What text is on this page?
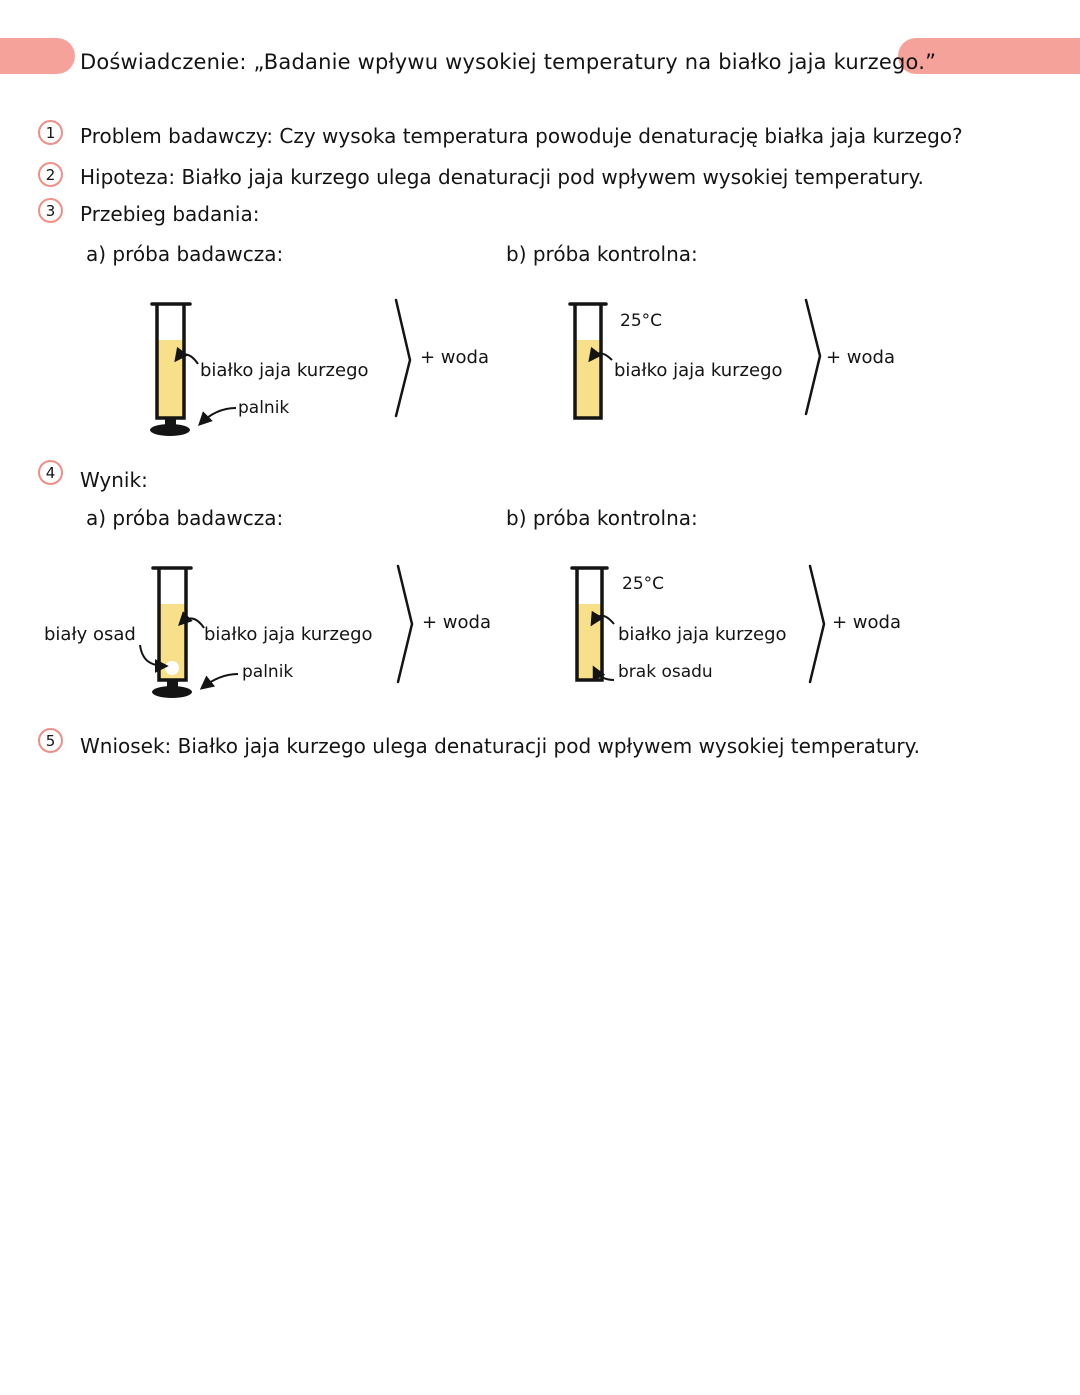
Doświadczenie: „Badanie wpływu wysokiej temperatury na białko jaja kurzego.”
1	Problem badawczy: Czy wysoka temperatura powoduje denaturację białka jaja kurzego?
2	Hipoteza: Białko jaja kurzego ulega denaturacji pod wpływem wysokiej temperatury.
3	Przebieg badania:
a) próba badawcza:	b) próba kontrolna:
4	Wynik:
a) próba badawcza:	b) próba kontrolna:
5	Wniosek: Białko jaja kurzego ulega denaturacji pod wpływem wysokiej temperatury.
białko jaja kurzego
palnik
+ woda
25°C
białko jaja kurzego
+ woda
biały osad	białko jaja kurzego
palnik
+ woda
25°C
białko jaja kurzego
brak osadu
+ woda
